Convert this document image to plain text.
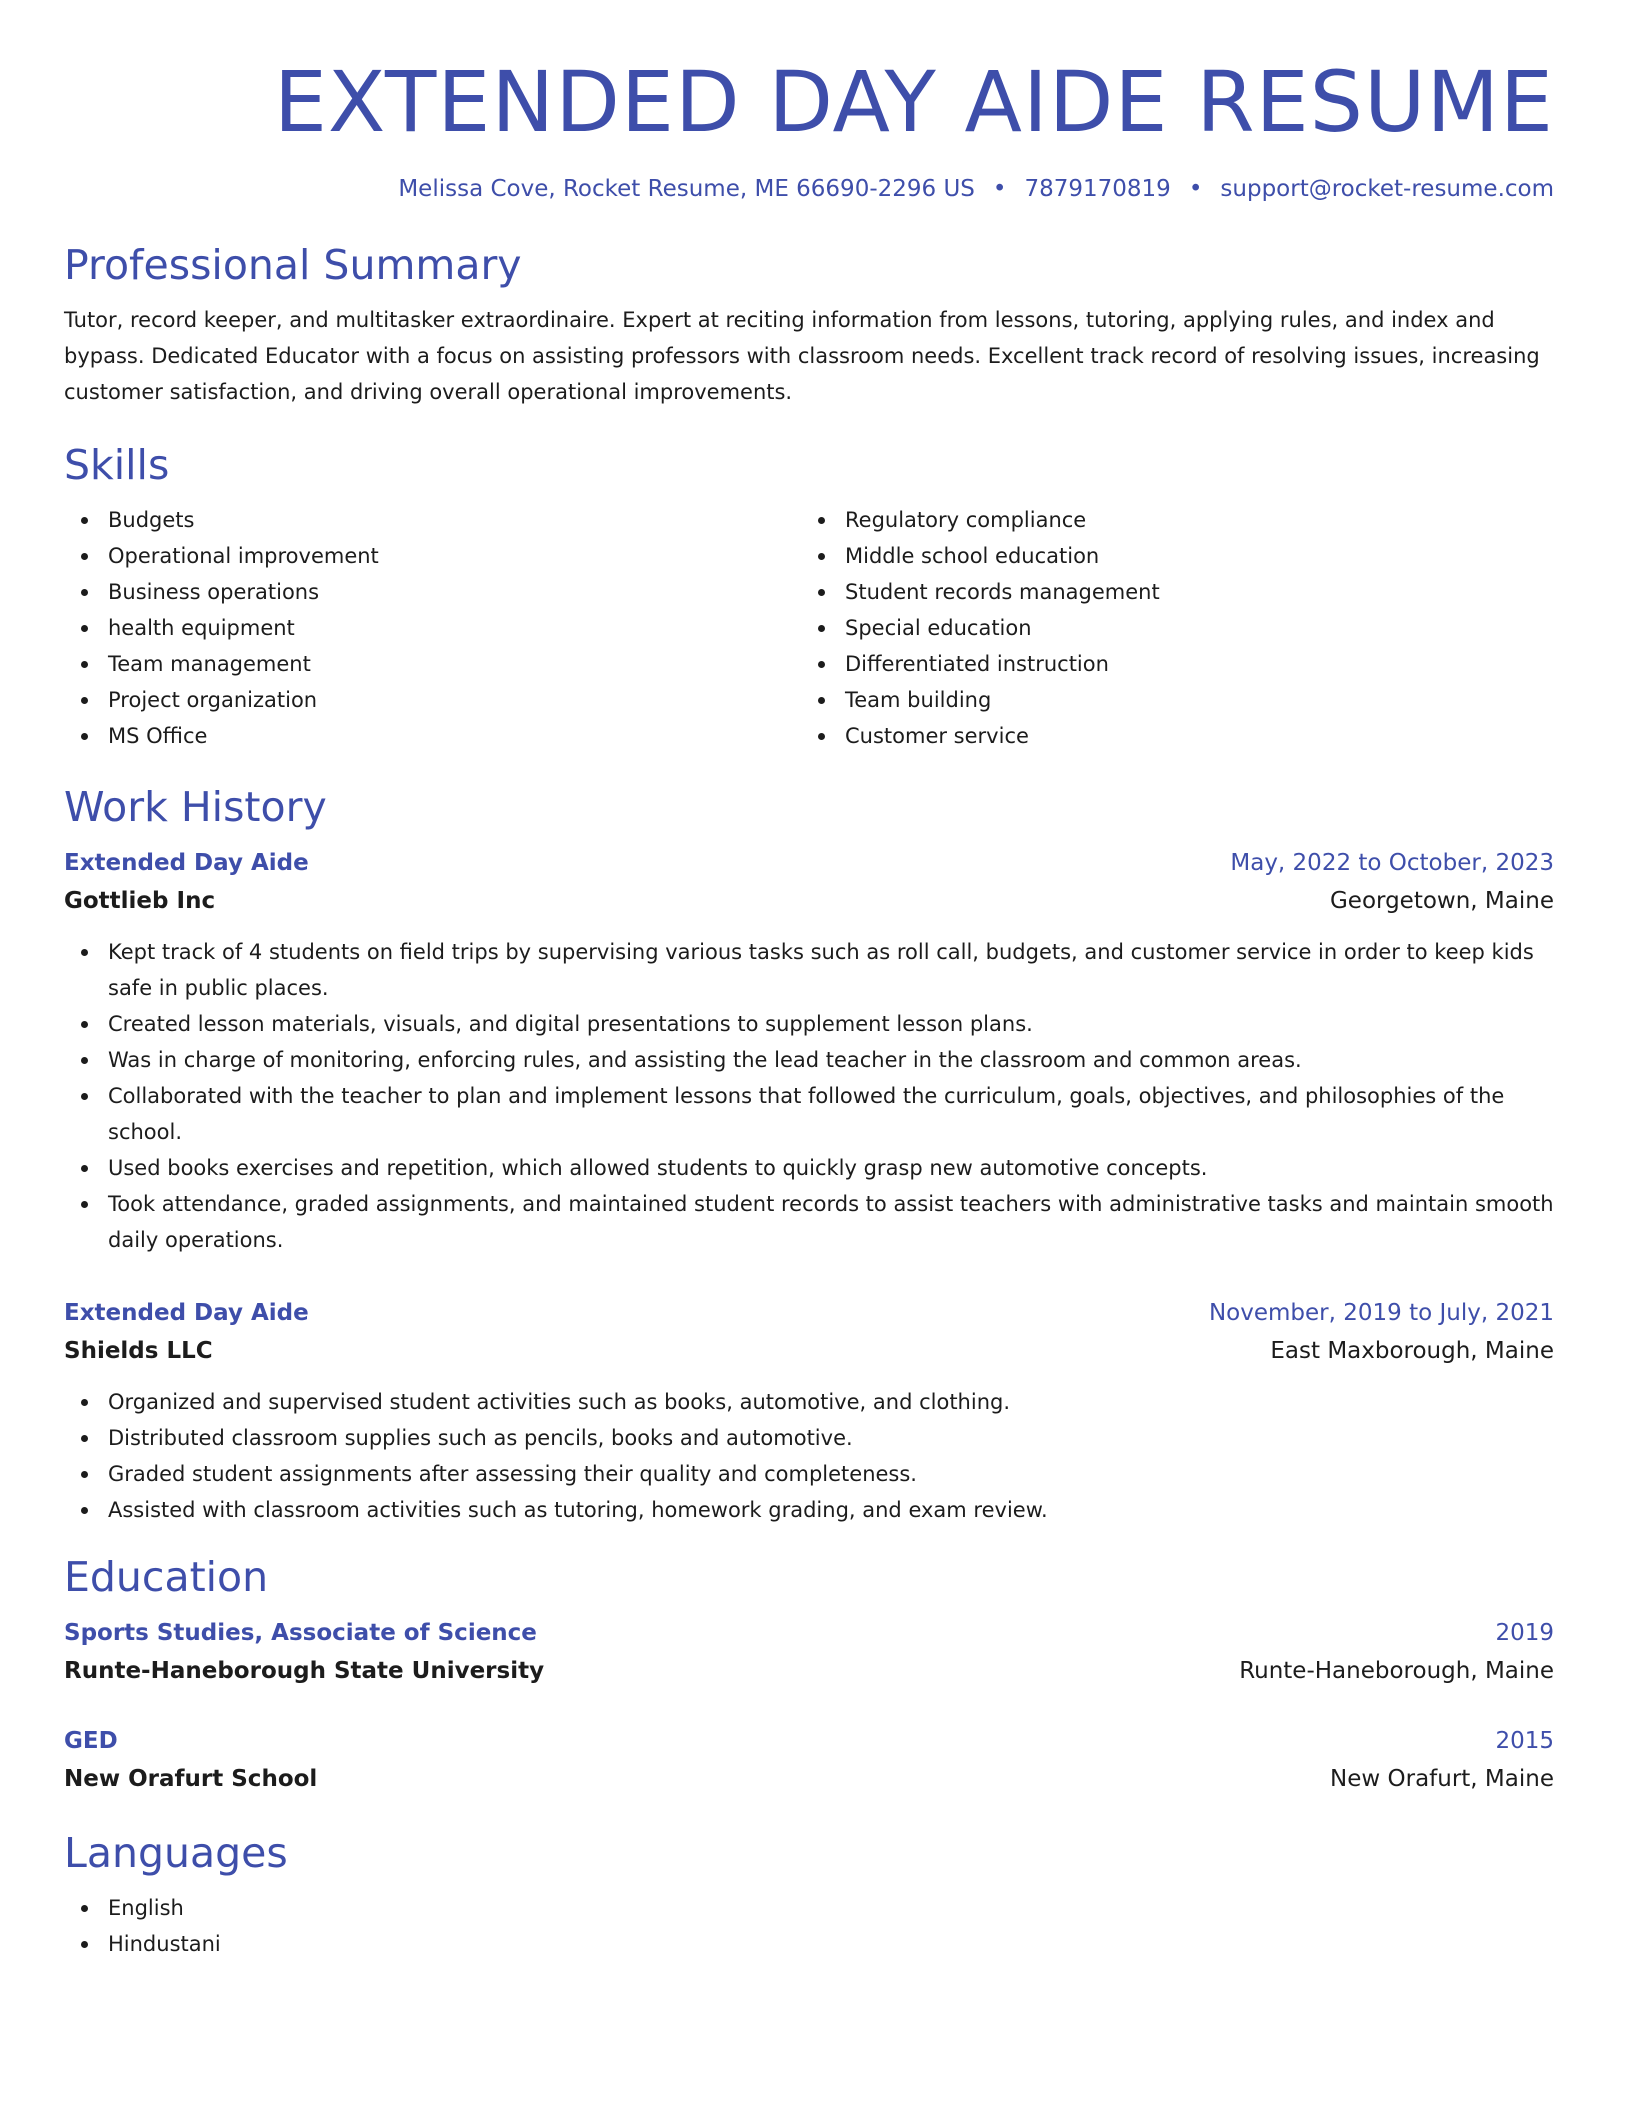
EXTENDED DAY AIDE RESUME
Melissa Cove, Rocket Resume, ME 66690-2296 US • 7879170819 • support@rocket-resume.com
Professional Summary

Tutor, record keeper, and multitasker extraordinaire. Expert at reciting information from lessons, tutoring, applying rules, and index and bypass. Dedicated Educator with a focus on assisting professors with classroom needs. Excellent track record of resolving issues, increasing customer satisfaction, and driving overall operational improvements.

Skills
Budgets
Operational improvement
Business operations
health equipment
Team management
Project organization
MS Office
Regulatory compliance
Middle school education
Student records management
Special education
Differentiated instruction
Team building
Customer service
Work History
Extended Day Aide	May, 2022 to October, 2023
Gottlieb Inc	Georgetown, Maine
Kept track of 4 students on field trips by supervising various tasks such as roll call, budgets, and customer service in order to keep kids safe in public places.
Created lesson materials, visuals, and digital presentations to supplement lesson plans.
Was in charge of monitoring, enforcing rules, and assisting the lead teacher in the classroom and common areas.
Collaborated with the teacher to plan and implement lessons that followed the curriculum, goals, objectives, and philosophies of the school.
Used books exercises and repetition, which allowed students to quickly grasp new automotive concepts.
Took attendance, graded assignments, and maintained student records to assist teachers with administrative tasks and maintain smooth daily operations.
Extended Day Aide	November, 2019 to July, 2021
Shields LLC	East Maxborough, Maine
Organized and supervised student activities such as books, automotive, and clothing.
Distributed classroom supplies such as pencils, books and automotive.
Graded student assignments after assessing their quality and completeness.
Assisted with classroom activities such as tutoring, homework grading, and exam review.
Education
Sports Studies, Associate of Science	2019
Runte-Haneborough State University	Runte-Haneborough, Maine
GED	2015
New Orafurt School	New Orafurt, Maine
Languages
English
Hindustani
